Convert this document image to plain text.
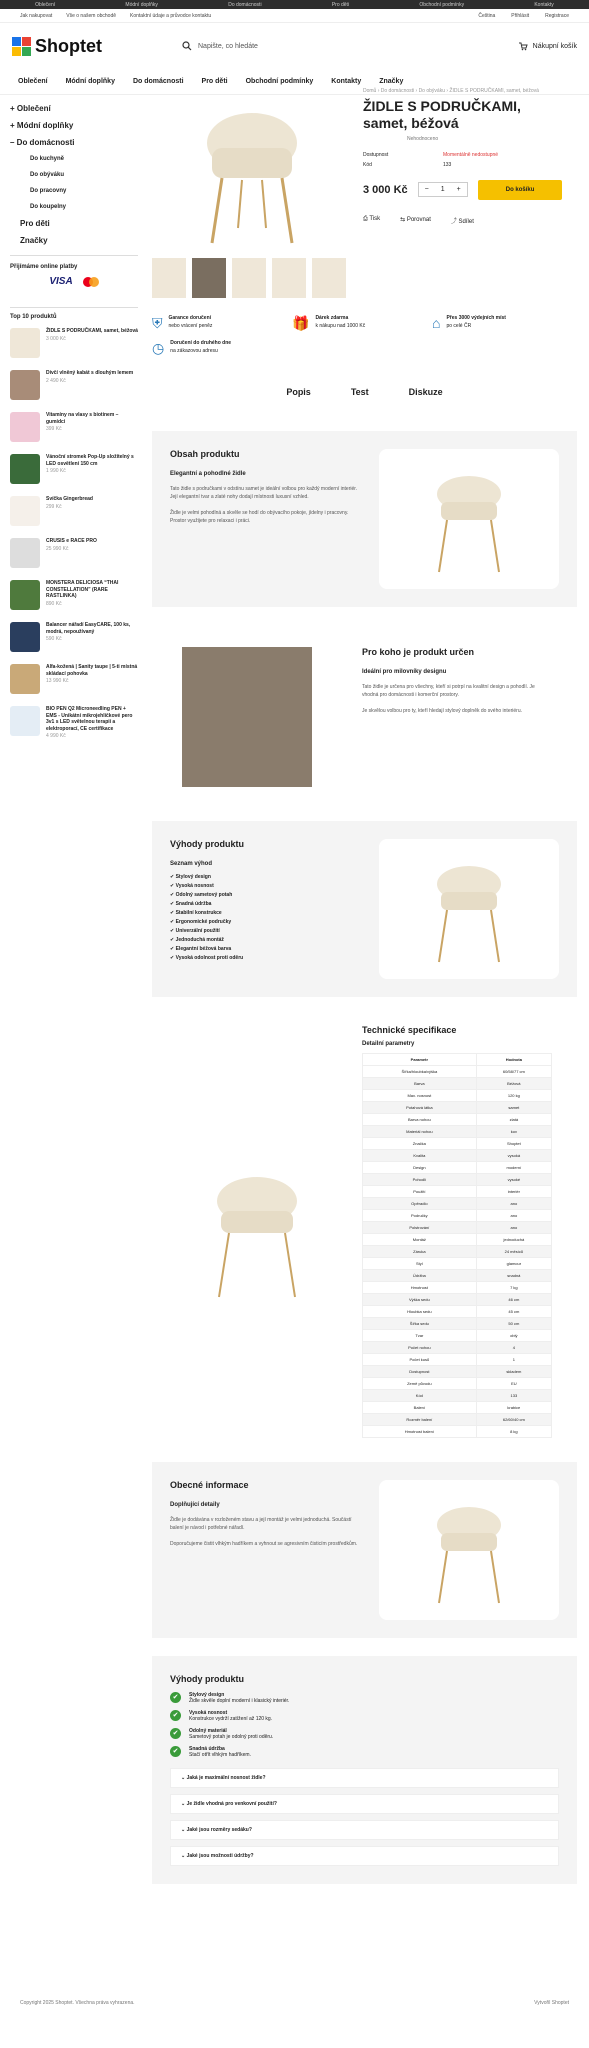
Oblečení	Módní doplňky	Do domácnosti	Pro děti	Obchodní podmínky	Kontakty
Jak nakupovat	Vše o našem obchodě	Kontaktní údaje a průvodce kontaktu	Čeština	Přihlásit	Registrace
Shoptet	Napište, co hledáte	Nákupní košík
Oblečení	Módní doplňky	Do domácnosti	Pro děti	Obchodní podmínky	Kontakty	Značky
+ Oblečení
+ Módní doplňky
– Do domácnosti
Do kuchyně
Do obýváku
Do pracovny
Do koupelny
Pro děti
Značky
Přijímáme online platby
VISA
Top 10 produktů
ŽIDLE S PODRUČKAMI, samet, béžová
3 000 Kč
Dívčí vlněný kabát s dlouhým lemem
2 490 Kč
Vitamíny na vlasy s biotinem – gumídci
399 Kč
Vánoční stromek Pop-Up složitelný s LED osvětlení 150 cm
1 990 Kč
Svíčka Gingerbread
299 Kč
CRUSIS e RACE PRO
25 990 Kč
MONSTERA DELICIOSA “THAI CONSTELLATION” (RARE RASTLINKA)
890 Kč
Balancer nářadí EasyCARE, 100 ks, modrá, nepoužívaný
590 Kč
Alfa-kožená | Sanity taupe | 5-ti místná skládací pohovka
13 990 Kč
BIO PEN Q2 Microneedling PEN + EMS - Unikátní mikrojehličkové pero 3v1 s LED světelnou terapií a elektroporací, CE certifikace
4 990 Kč
Domů › Do domácnosti › Do obýváku › ŽIDLE S PODRUČKAMI, samet, béžová
ŽIDLE S PODRUČKAMI, samet, béžová
Nehodnoceno
Dostupnost	Momentálně nedostupné
Kód	133
3 000 Kč − 1 +	Do košíku
⎙ Tisk	⇆ Porovnat	⤴ Sdílet
⛨ Garance doručení
nebo vrácení peněz	🎁 Dárek zdarma
k nákupu nad 1000 Kč	⌂ Přes 3000 výdejních míst
po celé ČR
◷ Doručení do druhého dne
na zákazovou adresu
Popis	Test	Diskuze
Obsah produktu
Elegantní a pohodlné židle

Tato židle s područkami v odstínu samet je ideální volbou pro každý moderní interiér. Její elegantní tvar a zlaté nohy dodají místnosti luxusní vzhled.

Židle je velmi pohodlná a skvěle se hodí do obývacího pokoje, jídelny i pracovny. Prostor využijete pro relaxaci i práci.

Pro koho je produkt určen
Ideální pro milovníky designu

Tato židle je určena pro všechny, kteří si potrpí na kvalitní design a pohodlí. Je vhodná pro domácnosti i komerční prostory.

Je skvělou volbou pro ty, kteří hledají stylový doplněk do svého interiéru.

Výhody produktu
Seznam výhod
✔ Stylový design
✔ Vysoká nosnost
✔ Odolný sametový potah
✔ Snadná údržba
✔ Stabilní konstrukce
✔ Ergonomické područky
✔ Univerzální použití
✔ Jednoduchá montáž
✔ Elegantní béžová barva
✔ Vysoká odolnost proti oděru
Technické specifikace
Detailní parametry
Parametr	Hodnota
Šířka/hloubka/výška	60/58/77 cm
Barva	Béžová
Max. nosnost	120 kg
Potahová látka	samet
Barva nohou	zlatá
Materiál nohou	kov
Značka	Shoptet
Kvalita	vysoká
Design	moderní
Pohodlí	vysoké
Použití	interiér
Opěradlo	ano
Područky	ano
Polstrování	ano
Montáž	jednoduchá
Záruka	24 měsíců
Styl	glamour
Údržba	snadná
Hmotnost	7 kg
Výška sedu	46 cm
Hloubka sedu	45 cm
Šířka sedu	50 cm
Tvar	oblý
Počet nohou	4
Počet kusů	1
Dostupnost	skladem
Země původu	EU
Kód	133
Balení	krabice
Rozměr balení	62/60/40 cm
Hmotnost balení	8 kg
Obecné informace
Doplňující detaily

Židle je dodávána v rozloženém stavu a její montáž je velmi jednoduchá. Součástí balení je návod i potřebné nářadí.

Doporučujeme čistit vlhkým hadříkem a vyhnout se agresivním čisticím prostředkům.

Výhody produktu
✔	Stylový design
Židle skvěle doplní moderní i klasický interiér.
✔	Vysoká nosnost
Konstrukce vydrží zatížení až 120 kg.
✔	Odolný materiál
Sametový potah je odolný proti oděru.
✔	Snadná údržba
Stačí otřít vlhkým hadříkem.
⌄ Jaká je maximální nosnost židle?
⌄ Je židle vhodná pro venkovní použití?
⌄ Jaké jsou rozměry sedáku?
⌄ Jaké jsou možnosti údržby?
Copyright 2025 Shoptet. Všechna práva vyhrazena.	Vytvořil Shoptet
